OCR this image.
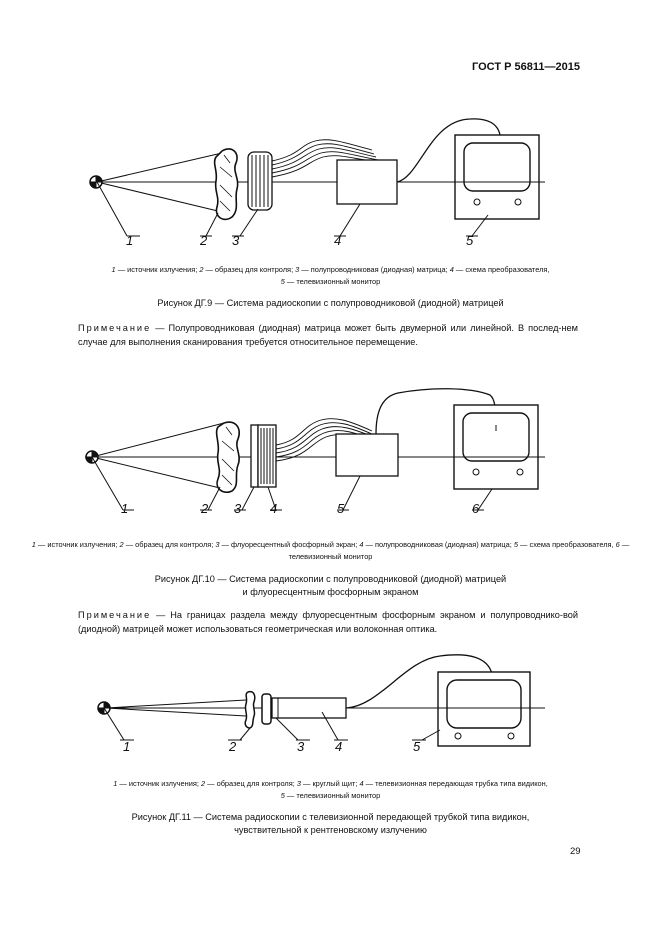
ГОСТ Р 56811—2015
1	2 3	4	5
1 — источник излучения; 2 — образец для контроля; 3 — полупроводниковая (диодная) матрица; 4 — схема преобразователя,
5 — телевизионный монитор
Рисунок ДГ.9 — Система радиоскопии с полупроводниковой (диодной) матрицей
Примечание — Полупроводниковая (диодная) матрица может быть двумерной или линейной. В послед-нем случае для выполнения сканирования требуется относительное перемещение.
1	2 3 4	5	6
1 — источник излучения; 2 — образец для контроля; 3 — флуоресцентный фосфорный экран; 4 — полупроводниковая (диодная) матрица; 5 — схема преобразователя, 6 — телевизионный монитор
Рисунок ДГ.10 — Система радиоскопии с полупроводниковой (диодной) матрицей
и флуоресцентным фосфорным экраном
Примечание — На границах раздела между флуоресцентным фосфорным экраном и полупроводнико-вой (диодной) матрицей может использоваться геометрическая или волоконная оптика.
1	2	3 4	5
1 — источник излучения; 2 — образец для контроля; 3 — круглый щит; 4 — телевизионная передающая трубка типа видикон,
5 — телевизионный монитор
Рисунок ДГ.11 — Система радиоскопии с телевизионной передающей трубкой типа видикон,
чувствительной к рентгеновскому излучению
29
